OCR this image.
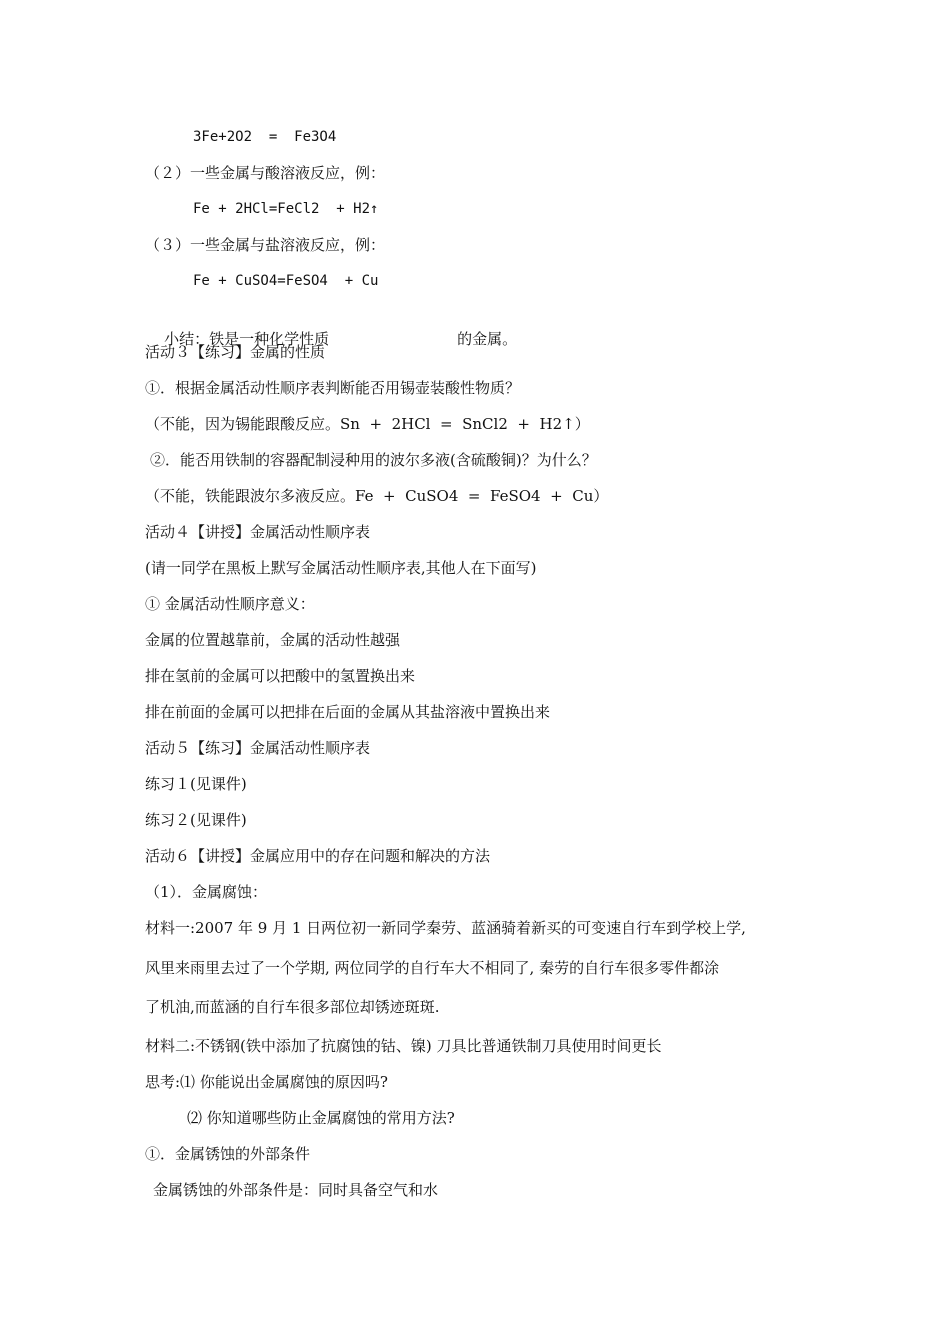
3Fe+2O2  =  Fe3O4
（２）一些金属与酸溶液反应，例：
Fe + 2HCl=FeCl2  + H2↑
（３）一些金属与盐溶液反应，例：
Fe + CuSO4=FeSO4  + Cu

小结：铁是一种化学性质	的金属。

活动３【练习】金属的性质
①．根据金属活动性顺序表判断能否用锡壶装酸性物质？
（不能，因为锡能跟酸反应。Sn  +  2HCl  =  SnCl2  +  H2↑）
②．能否用铁制的容器配制浸种用的波尔多液(含硫酸铜)？为什么？
（不能，铁能跟波尔多液反应。Fe  +  CuSO4  =  FeSO4  +  Cu）
活动４【讲授】金属活动性顺序表
(请一同学在黑板上默写金属活动性顺序表,其他人在下面写)
① 金属活动性顺序意义：
金属的位置越靠前，金属的活动性越强
排在氢前的金属可以把酸中的氢置换出来
排在前面的金属可以把排在后面的金属从其盐溶液中置换出来
活动５【练习】金属活动性顺序表
练习１(见课件)
练习２(见课件)
活动６【讲授】金属应用中的存在问题和解决的方法
（1）．金属腐蚀：
材料一:2007 年 9 月 1 日两位初一新同学秦劳、蓝涵骑着新买的可变速自行车到学校上学,
风里来雨里去过了一个学期, 两位同学的自行车大不相同了, 秦劳的自行车很多零件都涂
了机油,而蓝涵的自行车很多部位却锈迹斑斑.
材料二:不锈钢(铁中添加了抗腐蚀的钴、镍) 刀具比普通铁制刀具使用时间更长
思考:⑴ 你能说出金属腐蚀的原因吗?
⑵ 你知道哪些防止金属腐蚀的常用方法?
①．金属锈蚀的外部条件
金属锈蚀的外部条件是：同时具备空气和水
